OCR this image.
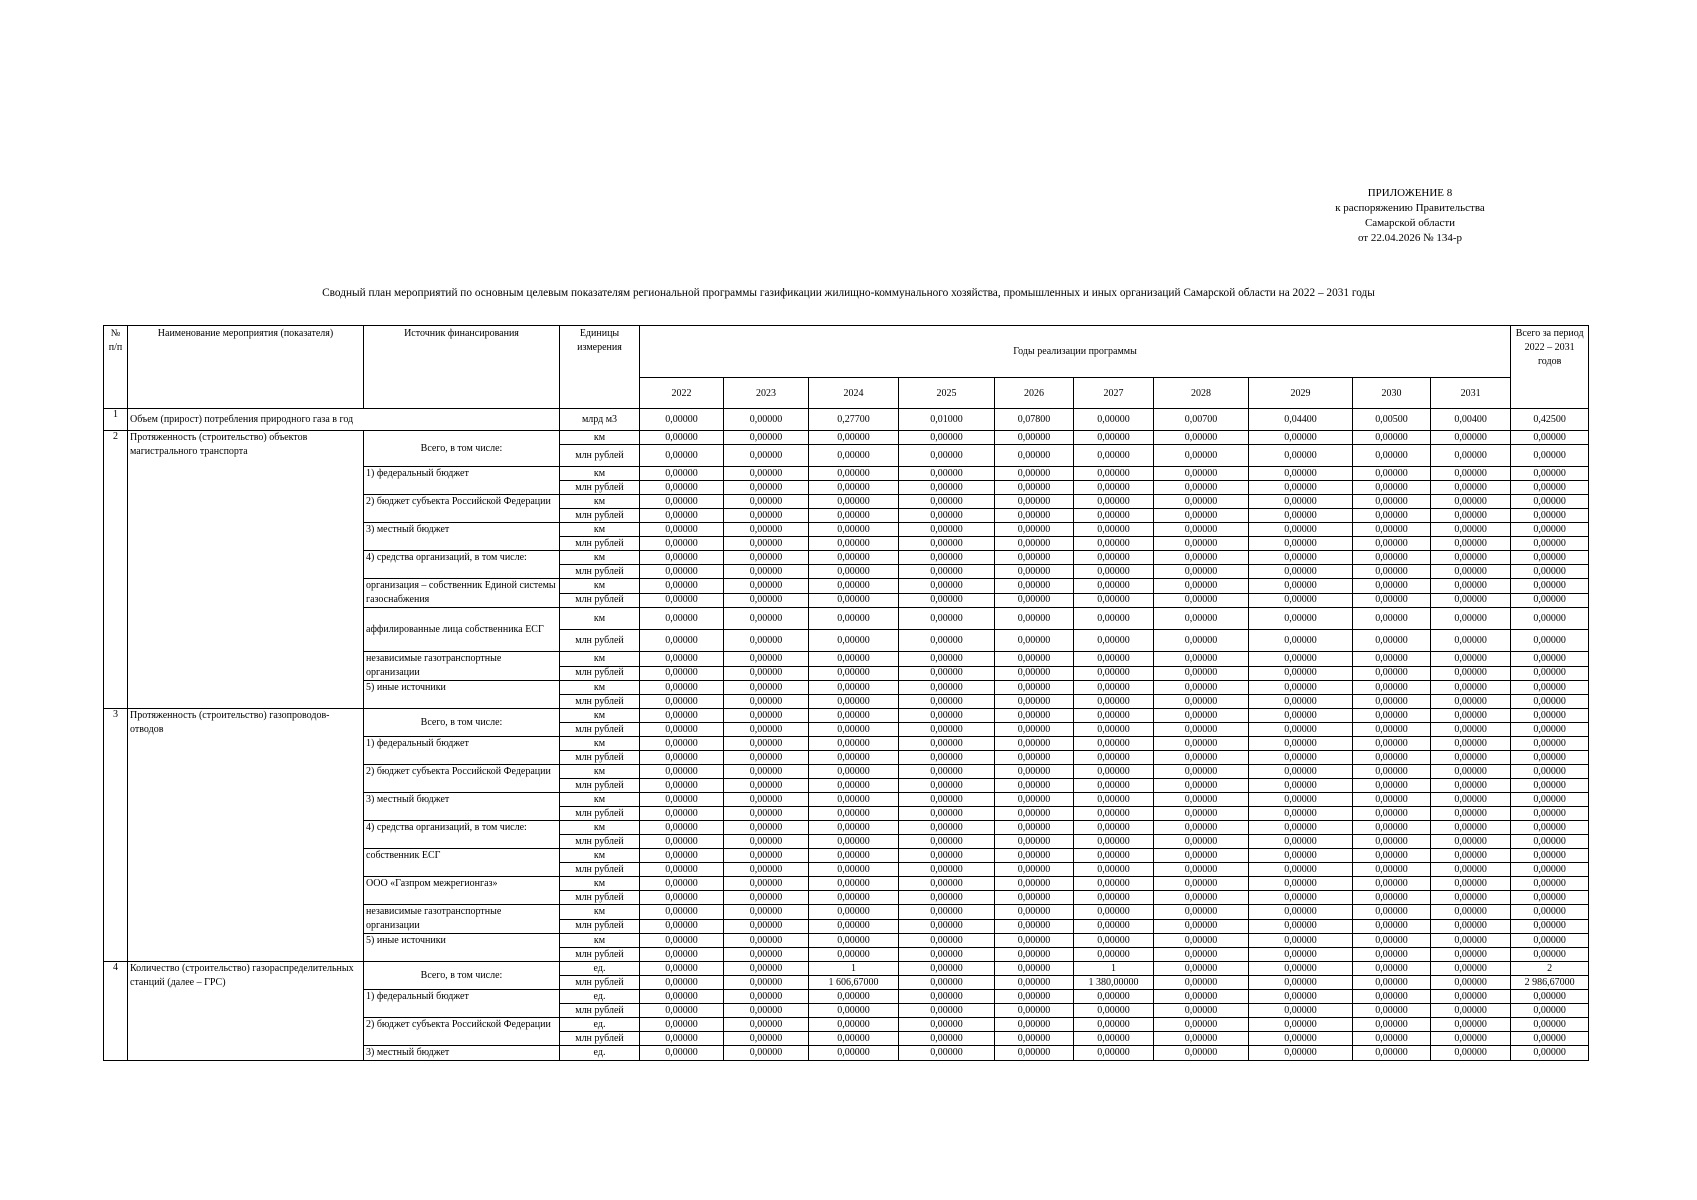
ПРИЛОЖЕНИЕ 8
к распоряжению Правительства
Самарской области
от 22.04.2026 № 134-р
Сводный план мероприятий по основным целевым показателям региональной программы газификации жилищно-коммунального хозяйства, промышленных и иных организаций Самарской области на 2022 – 2031 годы
№ п/п	Наименование мероприятия (показателя)	Источник финансирования	Единицы измерения	Годы реализации программы										Всего за период 2022 – 2031 годов
				2022	2023	2024	2025	2026	2027	2028	2029	2030	2031	
1	Объем (прирост) потребления природного газа в год		млрд м3	0,00000	0,00000	0,27700	0,01000	0,07800	0,00000	0,00700	0,04400	0,00500	0,00400	0,42500
2	Протяженность (строительство) объектов магистрального транспорта	Всего, в том числе:	км	0,00000	0,00000	0,00000	0,00000	0,00000	0,00000	0,00000	0,00000	0,00000	0,00000	0,00000
			млн рублей	0,00000	0,00000	0,00000	0,00000	0,00000	0,00000	0,00000	0,00000	0,00000	0,00000	0,00000
		1) федеральный бюджет	км	0,00000	0,00000	0,00000	0,00000	0,00000	0,00000	0,00000	0,00000	0,00000	0,00000	0,00000
			млн рублей	0,00000	0,00000	0,00000	0,00000	0,00000	0,00000	0,00000	0,00000	0,00000	0,00000	0,00000
		2) бюджет субъекта Российской Федерации	км	0,00000	0,00000	0,00000	0,00000	0,00000	0,00000	0,00000	0,00000	0,00000	0,00000	0,00000
			млн рублей	0,00000	0,00000	0,00000	0,00000	0,00000	0,00000	0,00000	0,00000	0,00000	0,00000	0,00000
		3) местный бюджет	км	0,00000	0,00000	0,00000	0,00000	0,00000	0,00000	0,00000	0,00000	0,00000	0,00000	0,00000
			млн рублей	0,00000	0,00000	0,00000	0,00000	0,00000	0,00000	0,00000	0,00000	0,00000	0,00000	0,00000
		4) средства организаций, в том числе:	км	0,00000	0,00000	0,00000	0,00000	0,00000	0,00000	0,00000	0,00000	0,00000	0,00000	0,00000
			млн рублей	0,00000	0,00000	0,00000	0,00000	0,00000	0,00000	0,00000	0,00000	0,00000	0,00000	0,00000
		организация – собственник Единой системы газоснабжения	км	0,00000	0,00000	0,00000	0,00000	0,00000	0,00000	0,00000	0,00000	0,00000	0,00000	0,00000
			млн рублей	0,00000	0,00000	0,00000	0,00000	0,00000	0,00000	0,00000	0,00000	0,00000	0,00000	0,00000
		аффилированные лица собственника ЕСГ	км	0,00000	0,00000	0,00000	0,00000	0,00000	0,00000	0,00000	0,00000	0,00000	0,00000	0,00000
			млн рублей	0,00000	0,00000	0,00000	0,00000	0,00000	0,00000	0,00000	0,00000	0,00000	0,00000	0,00000
		независимые газотранспортные организации	км	0,00000	0,00000	0,00000	0,00000	0,00000	0,00000	0,00000	0,00000	0,00000	0,00000	0,00000
			млн рублей	0,00000	0,00000	0,00000	0,00000	0,00000	0,00000	0,00000	0,00000	0,00000	0,00000	0,00000
		5) иные источники	км	0,00000	0,00000	0,00000	0,00000	0,00000	0,00000	0,00000	0,00000	0,00000	0,00000	0,00000
			млн рублей	0,00000	0,00000	0,00000	0,00000	0,00000	0,00000	0,00000	0,00000	0,00000	0,00000	0,00000
3	Протяженность (строительство) газопроводов-отводов	Всего, в том числе:	км	0,00000	0,00000	0,00000	0,00000	0,00000	0,00000	0,00000	0,00000	0,00000	0,00000	0,00000
			млн рублей	0,00000	0,00000	0,00000	0,00000	0,00000	0,00000	0,00000	0,00000	0,00000	0,00000	0,00000
		1) федеральный бюджет	км	0,00000	0,00000	0,00000	0,00000	0,00000	0,00000	0,00000	0,00000	0,00000	0,00000	0,00000
			млн рублей	0,00000	0,00000	0,00000	0,00000	0,00000	0,00000	0,00000	0,00000	0,00000	0,00000	0,00000
		2) бюджет субъекта Российской Федерации	км	0,00000	0,00000	0,00000	0,00000	0,00000	0,00000	0,00000	0,00000	0,00000	0,00000	0,00000
			млн рублей	0,00000	0,00000	0,00000	0,00000	0,00000	0,00000	0,00000	0,00000	0,00000	0,00000	0,00000
		3) местный бюджет	км	0,00000	0,00000	0,00000	0,00000	0,00000	0,00000	0,00000	0,00000	0,00000	0,00000	0,00000
			млн рублей	0,00000	0,00000	0,00000	0,00000	0,00000	0,00000	0,00000	0,00000	0,00000	0,00000	0,00000
		4) средства организаций, в том числе:	км	0,00000	0,00000	0,00000	0,00000	0,00000	0,00000	0,00000	0,00000	0,00000	0,00000	0,00000
			млн рублей	0,00000	0,00000	0,00000	0,00000	0,00000	0,00000	0,00000	0,00000	0,00000	0,00000	0,00000
		собственник ЕСГ	км	0,00000	0,00000	0,00000	0,00000	0,00000	0,00000	0,00000	0,00000	0,00000	0,00000	0,00000
			млн рублей	0,00000	0,00000	0,00000	0,00000	0,00000	0,00000	0,00000	0,00000	0,00000	0,00000	0,00000
		ООО «Газпром межрегионгаз»	км	0,00000	0,00000	0,00000	0,00000	0,00000	0,00000	0,00000	0,00000	0,00000	0,00000	0,00000
			млн рублей	0,00000	0,00000	0,00000	0,00000	0,00000	0,00000	0,00000	0,00000	0,00000	0,00000	0,00000
		независимые газотранспортные организации	км	0,00000	0,00000	0,00000	0,00000	0,00000	0,00000	0,00000	0,00000	0,00000	0,00000	0,00000
			млн рублей	0,00000	0,00000	0,00000	0,00000	0,00000	0,00000	0,00000	0,00000	0,00000	0,00000	0,00000
		5) иные источники	км	0,00000	0,00000	0,00000	0,00000	0,00000	0,00000	0,00000	0,00000	0,00000	0,00000	0,00000
			млн рублей	0,00000	0,00000	0,00000	0,00000	0,00000	0,00000	0,00000	0,00000	0,00000	0,00000	0,00000
4	Количество (строительство) газораспределительных станций (далее – ГРС)	Всего, в том числе:	ед.	0,00000	0,00000	1	0,00000	0,00000	1	0,00000	0,00000	0,00000	0,00000	2
			млн рублей	0,00000	0,00000	1 606,67000	0,00000	0,00000	1 380,00000	0,00000	0,00000	0,00000	0,00000	2 986,67000
		1) федеральный бюджет	ед.	0,00000	0,00000	0,00000	0,00000	0,00000	0,00000	0,00000	0,00000	0,00000	0,00000	0,00000
			млн рублей	0,00000	0,00000	0,00000	0,00000	0,00000	0,00000	0,00000	0,00000	0,00000	0,00000	0,00000
		2) бюджет субъекта Российской Федерации	ед.	0,00000	0,00000	0,00000	0,00000	0,00000	0,00000	0,00000	0,00000	0,00000	0,00000	0,00000
			млн рублей	0,00000	0,00000	0,00000	0,00000	0,00000	0,00000	0,00000	0,00000	0,00000	0,00000	0,00000
		3) местный бюджет	ед.	0,00000	0,00000	0,00000	0,00000	0,00000	0,00000	0,00000	0,00000	0,00000	0,00000	0,00000
